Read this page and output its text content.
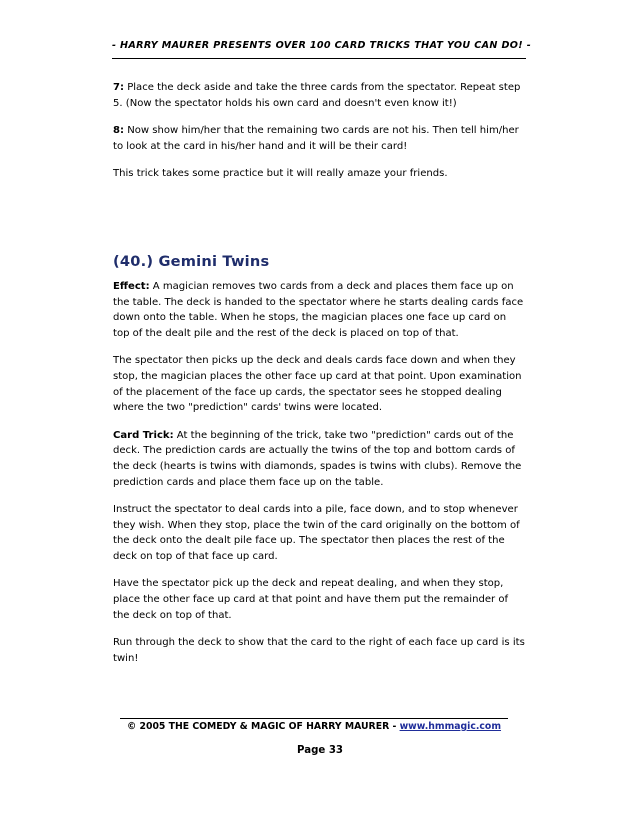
- HARRY MAURER PRESENTS OVER 100 CARD TRICKS THAT YOU CAN DO! -

7: Place the deck aside and take the three cards from the spectator. Repeat step 5. (Now the spectator holds his own card and doesn't even know it!)

8: Now show him/her that the remaining two cards are not his. Then tell him/her to look at the card in his/her hand and it will be their card!

This trick takes some practice but it will really amaze your friends.

(40.) Gemini Twins

Effect: A magician removes two cards from a deck and places them face up on the table. The deck is handed to the spectator where he starts dealing cards face down onto the table. When he stops, the magician places one face up card on top of the dealt pile and the rest of the deck is placed on top of that.

The spectator then picks up the deck and deals cards face down and when they stop, the magician places the other face up card at that point. Upon examination of the placement of the face up cards, the spectator sees he stopped dealing where the two "prediction" cards' twins were located.

Card Trick: At the beginning of the trick, take two "prediction" cards out of the deck. The prediction cards are actually the twins of the top and bottom cards of the deck (hearts is twins with diamonds, spades is twins with clubs). Remove the prediction cards and place them face up on the table.

Instruct the spectator to deal cards into a pile, face down, and to stop whenever they wish. When they stop, place the twin of the card originally on the bottom of the deck onto the dealt pile face up. The spectator then places the rest of the deck on top of that face up card.

Have the spectator pick up the deck and repeat dealing, and when they stop, place the other face up card at that point and have them put the remainder of the deck on top of that.

Run through the deck to show that the card to the right of each face up card is its twin!

© 2005 THE COMEDY & MAGIC OF HARRY MAURER - www.hmmagic.com
Page 33
